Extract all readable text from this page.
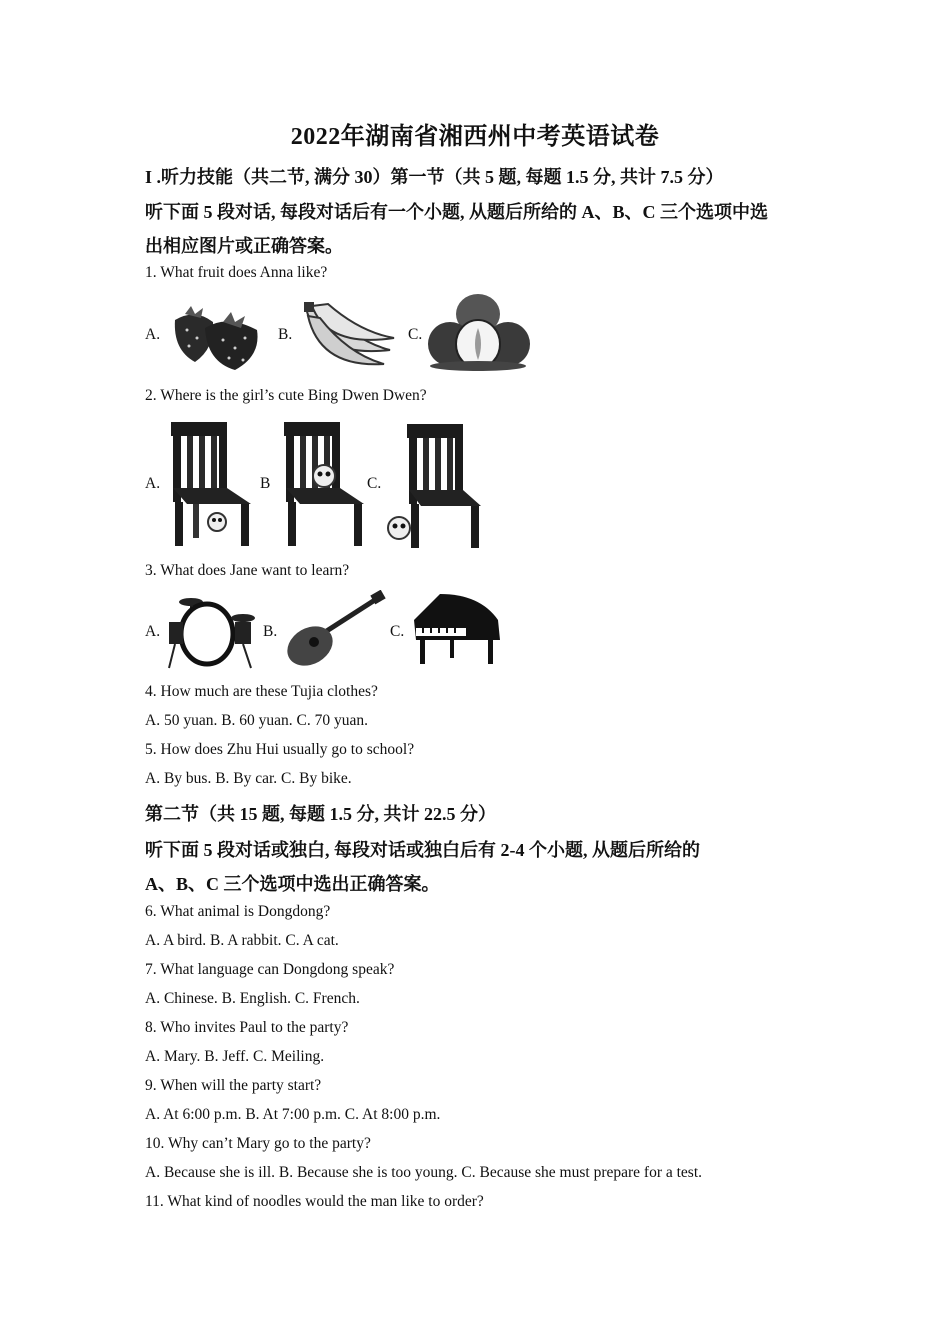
2022年湖南省湘西州中考英语试卷
I .听力技能（共二节, 满分 30）第一节（共 5 题, 每题 1.5 分, 共计 7.5 分）
听下面 5 段对话, 每段对话后有一个小题, 从题后所给的 A、B、C 三个选项中选
出相应图片或正确答案。
1. What fruit does Anna like?
A.	B.	C.
2. Where is the girl’s cute Bing Dwen Dwen?
A.	B	C.
3. What does Jane want to learn?
A.	B.	C.
4. How much are these Tujia clothes?
A. 50 yuan. B. 60 yuan. C. 70 yuan.
5. How does Zhu Hui usually go to school?
A. By bus. B. By car. C. By bike.
第二节（共 15 题, 每题 1.5 分, 共计 22.5 分）
听下面 5 段对话或独白, 每段对话或独白后有 2-4 个小题, 从题后所给的
A、B、C 三个选项中选出正确答案。
6. What animal is Dongdong?
A. A bird. B. A rabbit. C. A cat.
7. What language can Dongdong speak?
A. Chinese. B. English. C. French.
8. Who invites Paul to the party?
A. Mary. B. Jeff. C. Meiling.
9. When will the party start?
A. At 6:00 p.m. B. At 7:00 p.m. C. At 8:00 p.m.
10. Why can’t Mary go to the party?
A. Because she is ill. B. Because she is too young. C. Because she must prepare for a test.
11. What kind of noodles would the man like to order?
